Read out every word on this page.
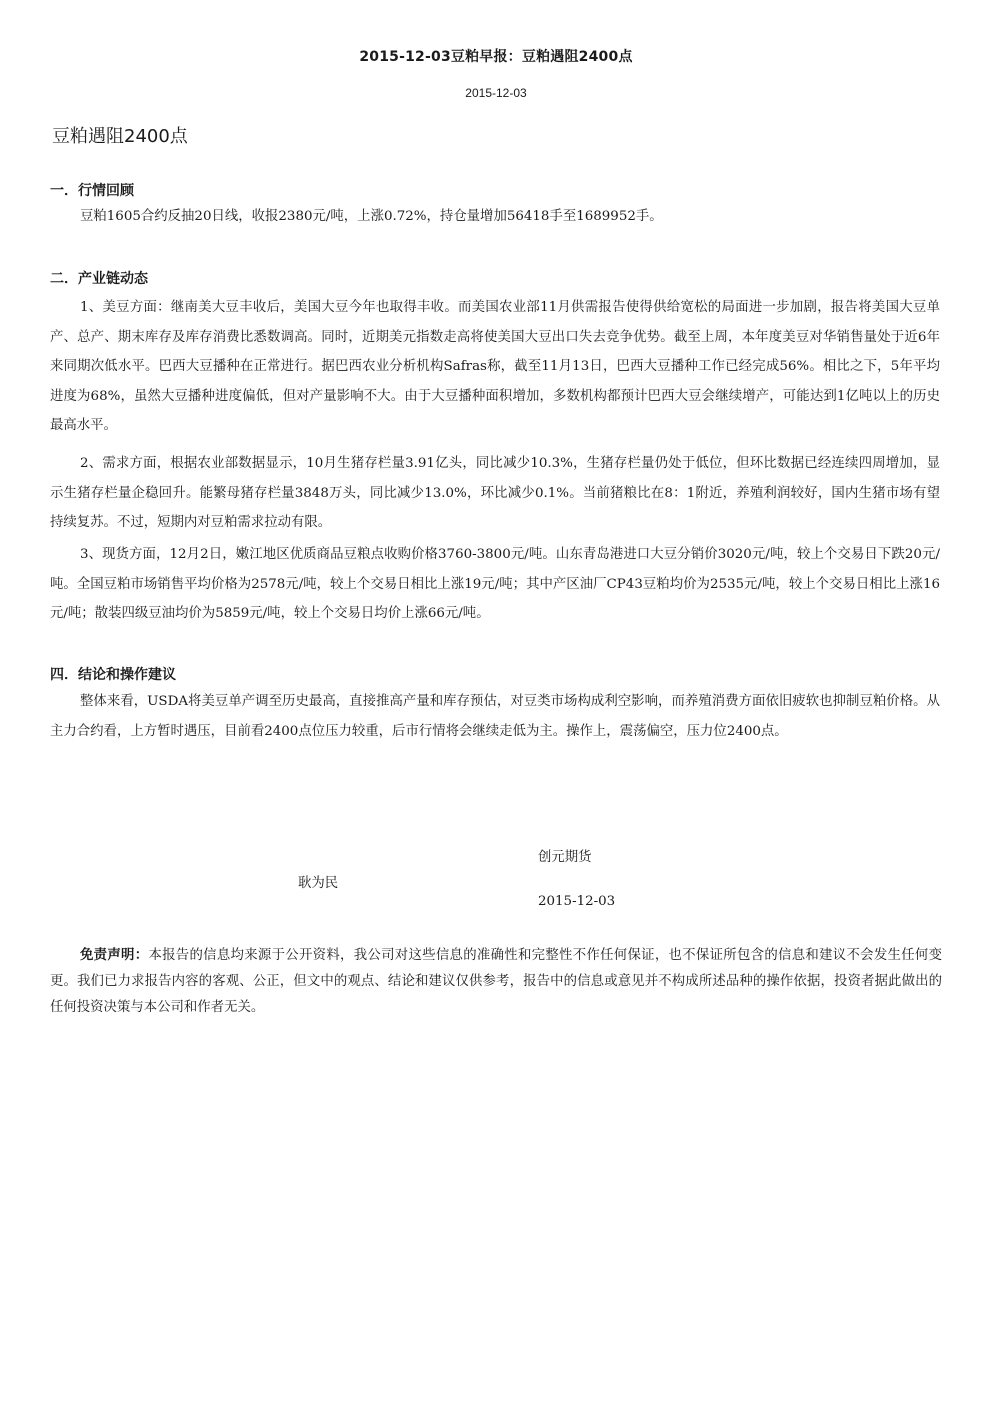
2015-12-03豆粕早报：豆粕遇阻2400点
2015-12-03
豆粕遇阻2400点
一．行情回顾

豆粕1605合约反抽20日线，收报2380元/吨，上涨0.72%，持仓量增加56418手至1689952手。

二．产业链动态

1、美豆方面：继南美大豆丰收后，美国大豆今年也取得丰收。而美国农业部11月供需报告使得供给宽松的局面进一步加剧，报告将美国大豆单产、总产、期末库存及库存消费比悉数调高。同时，近期美元指数走高将使美国大豆出口失去竞争优势。截至上周，本年度美豆对华销售量处于近6年来同期次低水平。巴西大豆播种在正常进行。据巴西农业分析机构Safras称，截至11月13日，巴西大豆播种工作已经完成56%。相比之下，5年平均进度为68%，虽然大豆播种进度偏低，但对产量影响不大。由于大豆播种面积增加，多数机构都预计巴西大豆会继续增产，可能达到1亿吨以上的历史最高水平。

2、需求方面，根据农业部数据显示，10月生猪存栏量3.91亿头，同比减少10.3%，生猪存栏量仍处于低位，但环比数据已经连续四周增加，显示生猪存栏量企稳回升。能繁母猪存栏量3848万头，同比减少13.0%，环比减少0.1%。当前猪粮比在8：1附近，养殖利润较好，国内生猪市场有望持续复苏。不过，短期内对豆粕需求拉动有限。

3、现货方面，12月2日，嫩江地区优质商品豆粮点收购价格3760-3800元/吨。山东青岛港进口大豆分销价3020元/吨，较上个交易日下跌20元/吨。全国豆粕市场销售平均价格为2578元/吨，较上个交易日相比上涨19元/吨；其中产区油厂CP43豆粕均价为2535元/吨，较上个交易日相比上涨16元/吨；散装四级豆油均价为5859元/吨，较上个交易日均价上涨66元/吨。

四．结论和操作建议

整体来看，USDA将美豆单产调至历史最高，直接推高产量和库存预估，对豆类市场构成利空影响，而养殖消费方面依旧疲软也抑制豆粕价格。从主力合约看，上方暂时遇压，目前看2400点位压力较重，后市行情将会继续走低为主。操作上，震荡偏空，压力位2400点。

创元期货
耿为民
2015-12-03

免责声明：本报告的信息均来源于公开资料，我公司对这些信息的准确性和完整性不作任何保证，也不保证所包含的信息和建议不会发生任何变更。我们已力求报告内容的客观、公正，但文中的观点、结论和建议仅供参考，报告中的信息或意见并不构成所述品种的操作依据，投资者据此做出的任何投资决策与本公司和作者无关。
